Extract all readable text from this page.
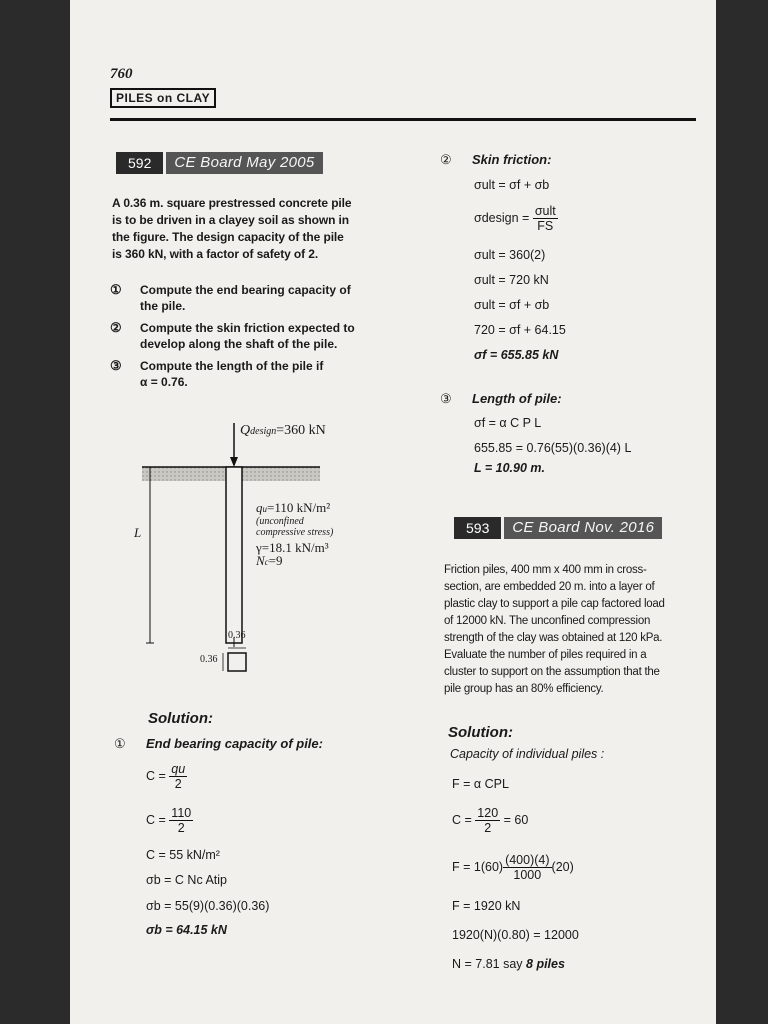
760
PILES on CLAY
592	CE Board May 2005
A 0.36 m. square prestressed concrete pile
is to be driven in a clayey soil as shown in
the figure. The design capacity of the pile
is 360 kN, with a factor of safety of 2.
①	Compute the end bearing capacity of
the pile.
②	Compute the skin friction expected to
develop along the shaft of the pile.
③	Compute the length of the pile if
α = 0.76.
Qdesign=360 kN
L
qu=110 kN/m²
(unconfined
compressive stress)
γ=18.1 kN/m³
Nc=9
0.36
0.36
Solution:
①	End bearing capacity of pile:
$C = \frac{qu}{2}$
$C = \frac{110}{2}$
C = 55 kN/m²
σb = C Nc Atip
σb = 55(9)(0.36)(0.36)
σb = 64.15 kN
②	Skin friction:
σult = σf + σb
σdesign = $\frac{\text{σult}}{FS}$
σult = 360(2)
σult = 720 kN
σult = σf + σb
720 = σf + 64.15
σf = 655.85 kN
③	Length of pile:
σf = α C P L
655.85 = 0.76(55)(0.36)(4) L
L = 10.90 m.
593	CE Board Nov. 2016
Friction piles, 400 mm x 400 mm in cross-
section, are embedded 20 m. into a layer of
plastic clay to support a pile cap factored load
of 12000 kN. The unconfined compression
strength of the clay was obtained at 120 kPa.
Evaluate the number of piles required in a
cluster to support on the assumption that the
pile group has an 80% efficiency.
Solution:
Capacity of individual piles :
F = α CPL
$C = \frac{120}{2} = 60$
$F = 1(60) \frac{(400)(4)}{1000} (20)$
F = 1920 kN
1920(N)(0.80) = 12000
N = 7.81 say 8 piles
